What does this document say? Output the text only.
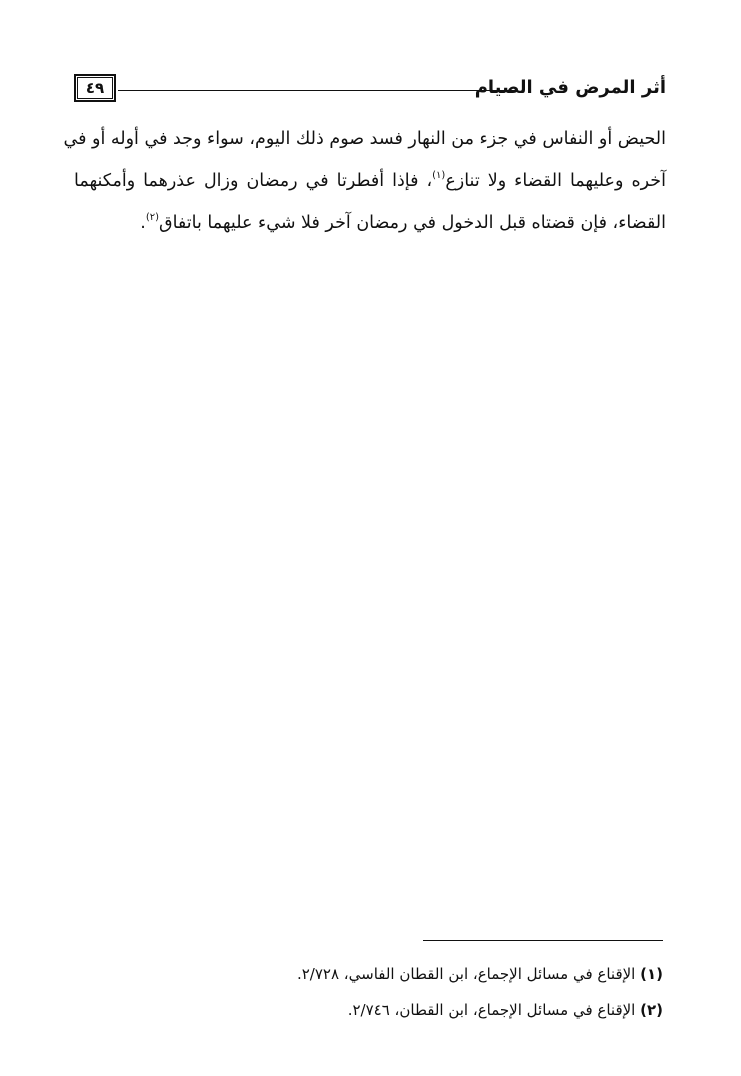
أثر المرض في الصيام
٤٩
الحيض أو النفاس في جزء من النهار فسد صوم ذلك اليوم، سواء وجد في أوله أو في
آخره وعليهما القضاء ولا تنازع$^{(١)}$، فإذا أفطرتا في رمضان وزال عذرهما وأمكنهما
القضاء، فإن قضتاه قبل الدخول في رمضان آخر فلا شيء عليهما باتفاق$^{(٢)}$.
(١) الإقناع في مسائل الإجماع، ابن القطان الفاسي، ٢/٧٢٨.
(٢) الإقناع في مسائل الإجماع، ابن القطان، ٢/٧٤٦.
